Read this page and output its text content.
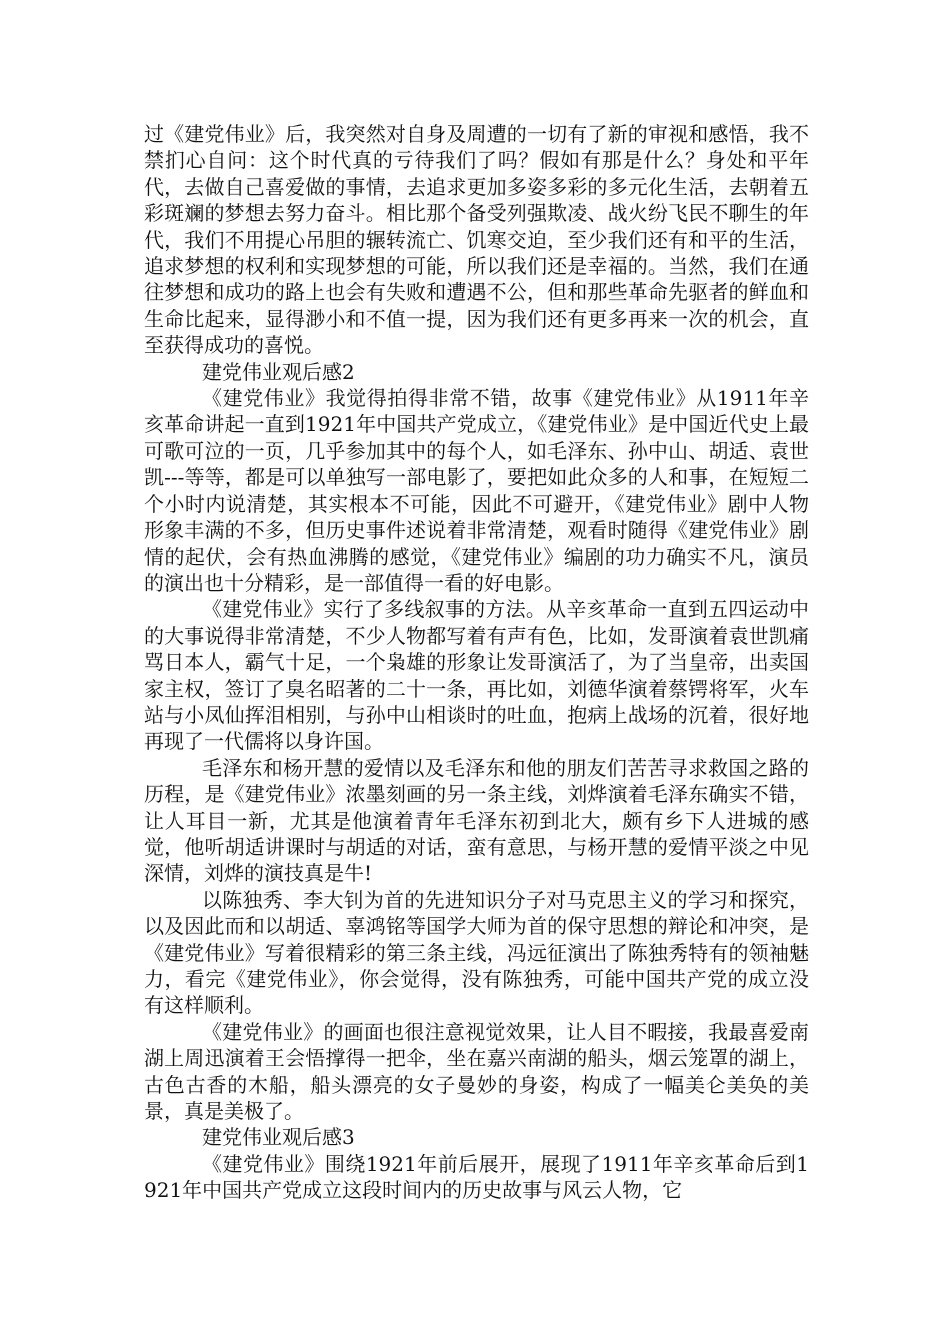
过《建党伟业》后，我突然对自身及周遭的一切有了新的审视和感悟，我不禁扪心自问：这个时代真的亏待我们了吗？假如有那是什么？身处和平年代，去做自己喜爱做的事情，去追求更加多姿多彩的多元化生活，去朝着五彩斑斓的梦想去努力奋斗。相比那个备受列强欺凌、战火纷飞民不聊生的年代，我们不用提心吊胆的辗转流亡、饥寒交迫，至少我们还有和平的生活，追求梦想的权利和实现梦想的可能，所以我们还是幸福的。当然，我们在通往梦想和成功的路上也会有失败和遭遇不公，但和那些革命先驱者的鲜血和生命比起来，显得渺小和不值一提，因为我们还有更多再来一次的机会，直至获得成功的喜悦。

建党伟业观后感2

《建党伟业》我觉得拍得非常不错，故事《建党伟业》从1911年辛亥革命讲起一直到1921年中国共产党成立，《建党伟业》是中国近代史上最可歌可泣的一页，几乎参加其中的每个人，如毛泽东、孙中山、胡适、袁世凯---等等，都是可以单独写一部电影了，要把如此众多的人和事，在短短二个小时内说清楚，其实根本不可能，因此不可避开，《建党伟业》剧中人物形象丰满的不多，但历史事件述说着非常清楚，观看时随得《建党伟业》剧情的起伏，会有热血沸腾的感觉，《建党伟业》编剧的功力确实不凡，演员的演出也十分精彩，是一部值得一看的好电影。

《建党伟业》实行了多线叙事的方法。从辛亥革命一直到五四运动中的大事说得非常清楚，不少人物都写着有声有色，比如，发哥演着袁世凯痛骂日本人，霸气十足，一个枭雄的形象让发哥演活了，为了当皇帝，出卖国家主权，签订了臭名昭著的二十一条，再比如，刘德华演着蔡锷将军，火车站与小凤仙挥泪相别，与孙中山相谈时的吐血，抱病上战场的沉着，很好地再现了一代儒将以身许国。

毛泽东和杨开慧的爱情以及毛泽东和他的朋友们苦苦寻求救国之路的历程，是《建党伟业》浓墨刻画的另一条主线，刘烨演着毛泽东确实不错，让人耳目一新，尤其是他演着青年毛泽东初到北大，颇有乡下人进城的感觉，他听胡适讲课时与胡适的对话，蛮有意思，与杨开慧的爱情平淡之中见深情，刘烨的演技真是牛!

以陈独秀、李大钊为首的先进知识分子对马克思主义的学习和探究，以及因此而和以胡适、辜鸿铭等国学大师为首的保守思想的辩论和冲突，是《建党伟业》写着很精彩的第三条主线，冯远征演出了陈独秀特有的领袖魅力，看完《建党伟业》，你会觉得，没有陈独秀，可能中国共产党的成立没有这样顺利。

《建党伟业》的画面也很注意视觉效果，让人目不暇接，我最喜爱南湖上周迅演着王会悟撑得一把伞，坐在嘉兴南湖的船头，烟云笼罩的湖上，古色古香的木船，船头漂亮的女子曼妙的身姿，构成了一幅美仑美奂的美景，真是美极了。

建党伟业观后感3

《建党伟业》围绕1921年前后展开，展现了1911年辛亥革命后到1921年中国共产党成立这段时间内的历史故事与风云人物，它
